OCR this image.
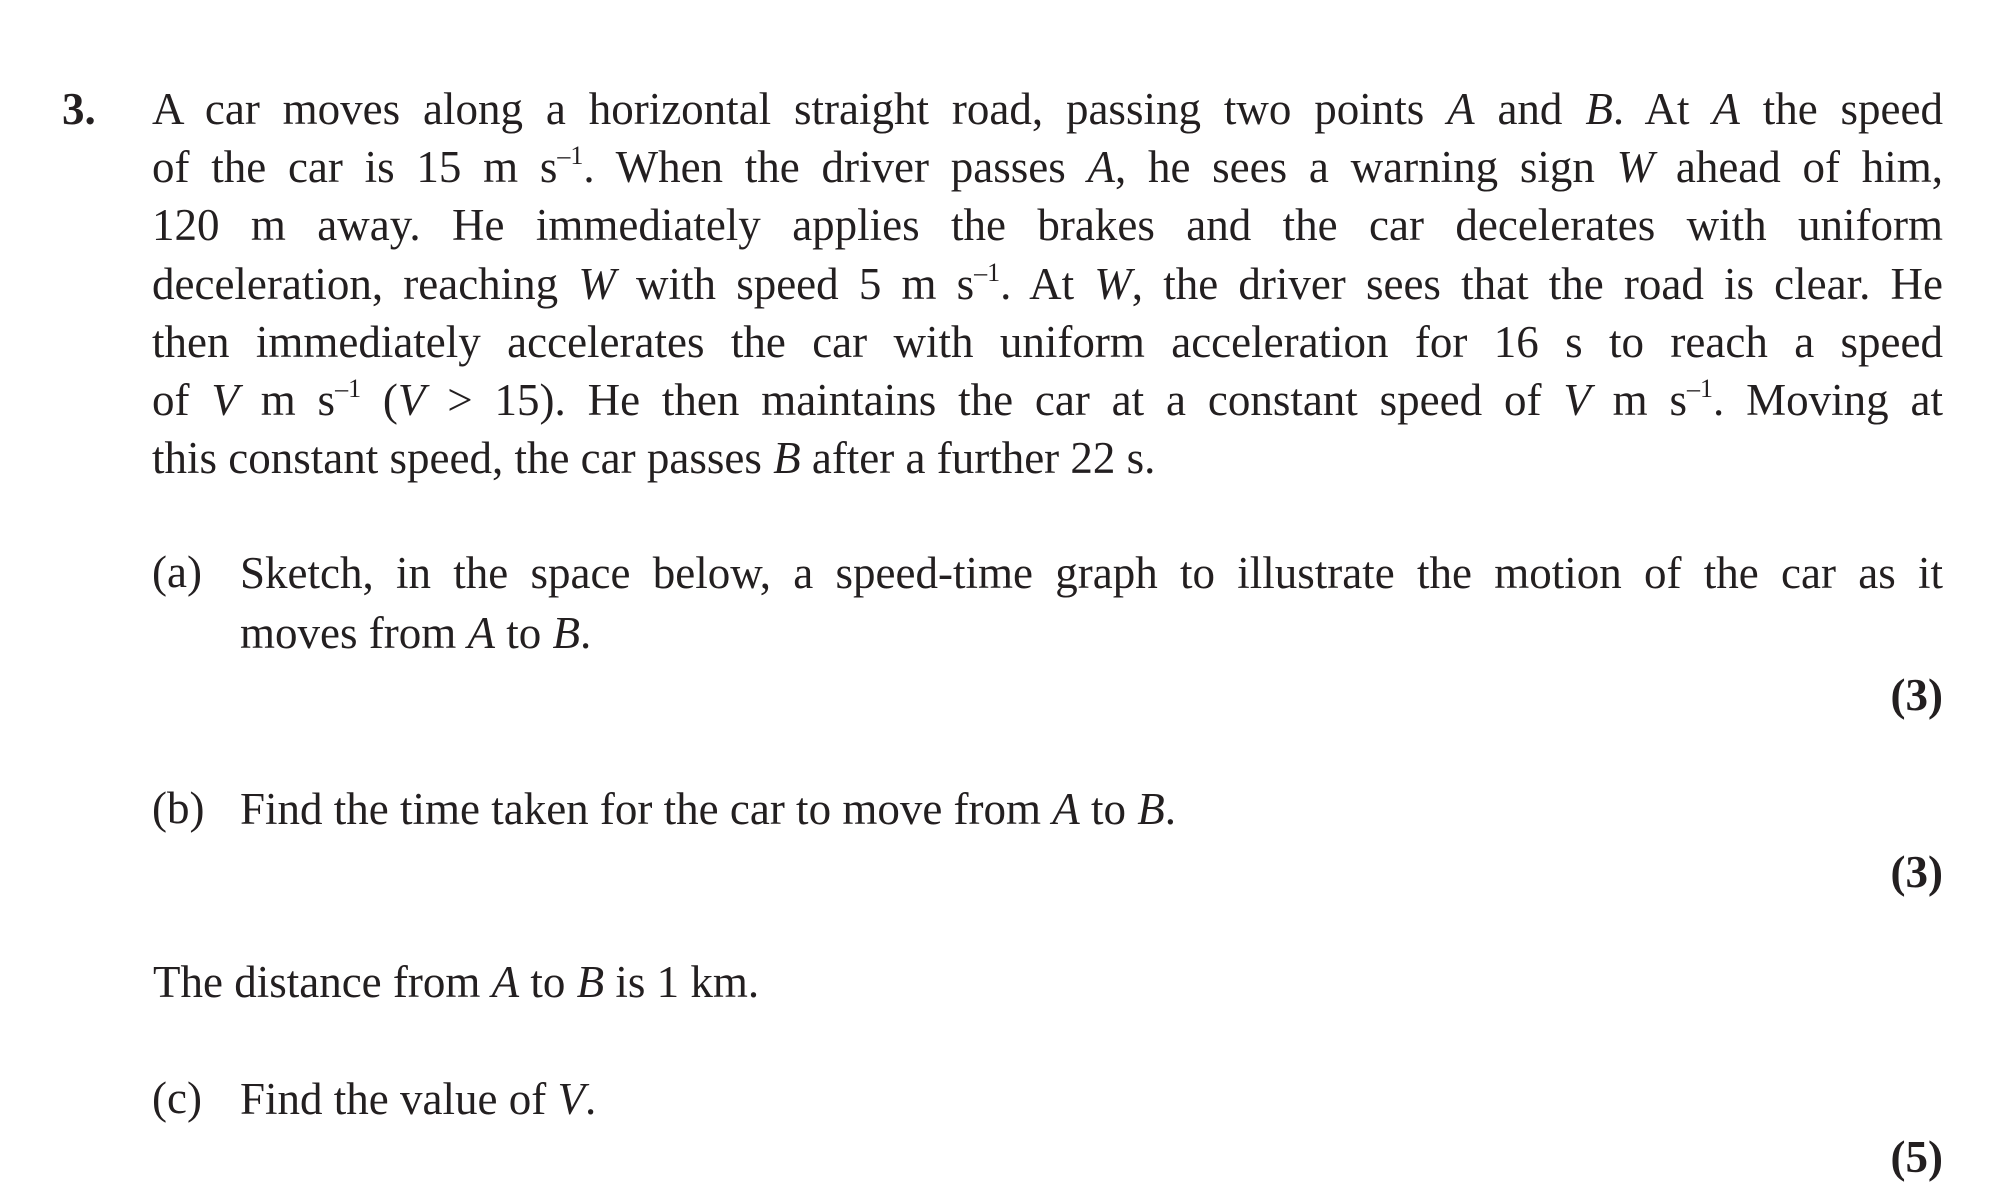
3. A car moves along a horizontal straight road, passing two points A and B. At A the speed
of the car is 15 m $s^{-1}$. When the driver passes A, he sees a warning sign W ahead of him,
120 m away. He immediately applies the brakes and the car decelerates with uniform
deceleration, reaching W with speed 5 m $s^{-1}$. At W, the driver sees that the road is clear. He
then immediately accelerates the car with uniform acceleration for 16 s to reach a speed
of V m $s^{-1}$ (V > 15). He then maintains the car at a constant speed of V m $s^{-1}$. Moving at
this constant speed, the car passes B after a further 22 s.
(a) Sketch, in the space below, a speed-time graph to illustrate the motion of the car as it
moves from A to B.
(3)
(b) Find the time taken for the car to move from A to B.
(3)
The distance from A to B is 1 km.
(c) Find the value of V.
(5)
